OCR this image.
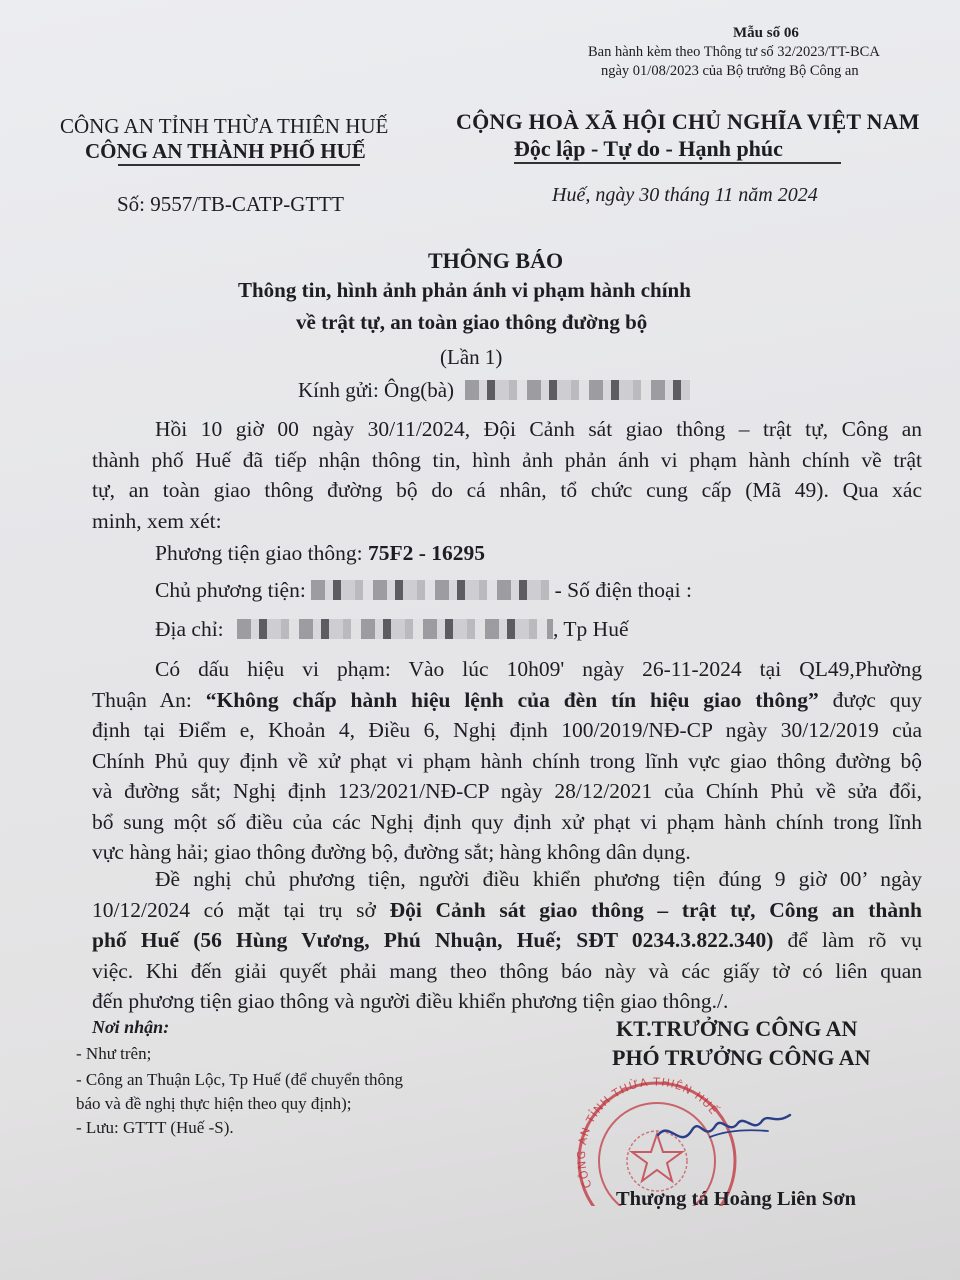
Mẫu số 06
Ban hành kèm theo Thông tư số 32/2023/TT-BCA
ngày 01/08/2023 của Bộ trưởng Bộ Công an
CÔNG AN TỈNH THỪA THIÊN HUẾ
CÔNG AN THÀNH PHỐ HUẾ
Số: 9557/TB-CATP-GTTT
CỘNG HOÀ XÃ HỘI CHỦ NGHĨA VIỆT NAM
Độc lập - Tự do - Hạnh phúc
Huế, ngày 30 tháng 11 năm 2024
THÔNG BÁO
Thông tin, hình ảnh phản ánh vi phạm hành chính
về trật tự, an toàn giao thông đường bộ
(Lần 1)
Kính gửi: Ông(bà)
Hồi 10 giờ 00 ngày 30/11/2024, Đội Cảnh sát giao thông – trật tự, Công an
thành phố Huế đã tiếp nhận thông tin, hình ảnh phản ánh vi phạm hành chính về trật
tự, an toàn giao thông đường bộ do cá nhân, tổ chức cung cấp (Mã 49). Qua xác
minh, xem xét:
Phương tiện giao thông: 75F2 - 16295
Chủ phương tiện:	- Số điện thoại :
Địa chỉ:	, Tp Huế
Có dấu hiệu vi phạm: Vào lúc 10h09' ngày 26-11-2024 tại QL49,Phường
Thuận An: “Không chấp hành hiệu lệnh của đèn tín hiệu giao thông” được quy
định tại Điểm e, Khoản 4, Điều 6, Nghị định 100/2019/NĐ-CP ngày 30/12/2019 của
Chính Phủ quy định về xử phạt vi phạm hành chính trong lĩnh vực giao thông đường bộ
và đường sắt; Nghị định 123/2021/NĐ-CP ngày 28/12/2021 của Chính Phủ về sửa đổi,
bổ sung một số điều của các Nghị định quy định xử phạt vi phạm hành chính trong lĩnh
vực hàng hải; giao thông đường bộ, đường sắt; hàng không dân dụng.
Đề nghị chủ phương tiện, người điều khiển phương tiện đúng 9 giờ 00’ ngày
10/12/2024 có mặt tại trụ sở Đội Cảnh sát giao thông – trật tự, Công an thành
phố Huế (56 Hùng Vương, Phú Nhuận, Huế; SĐT 0234.3.822.340) để làm rõ vụ
việc. Khi đến giải quyết phải mang theo thông báo này và các giấy tờ có liên quan
đến phương tiện giao thông và người điều khiển phương tiện giao thông./.
Nơi nhận:
- Như trên;
- Công an Thuận Lộc, Tp Huế (để chuyển thông
báo và đề nghị thực hiện theo quy định);
- Lưu: GTTT (Huế -S).
KT.TRƯỞNG CÔNG AN
PHÓ TRƯỞNG CÔNG AN
CÔNG AN TỈNH THỪA THIÊN HUẾ
Thượng tá Hoàng Liên Sơn
